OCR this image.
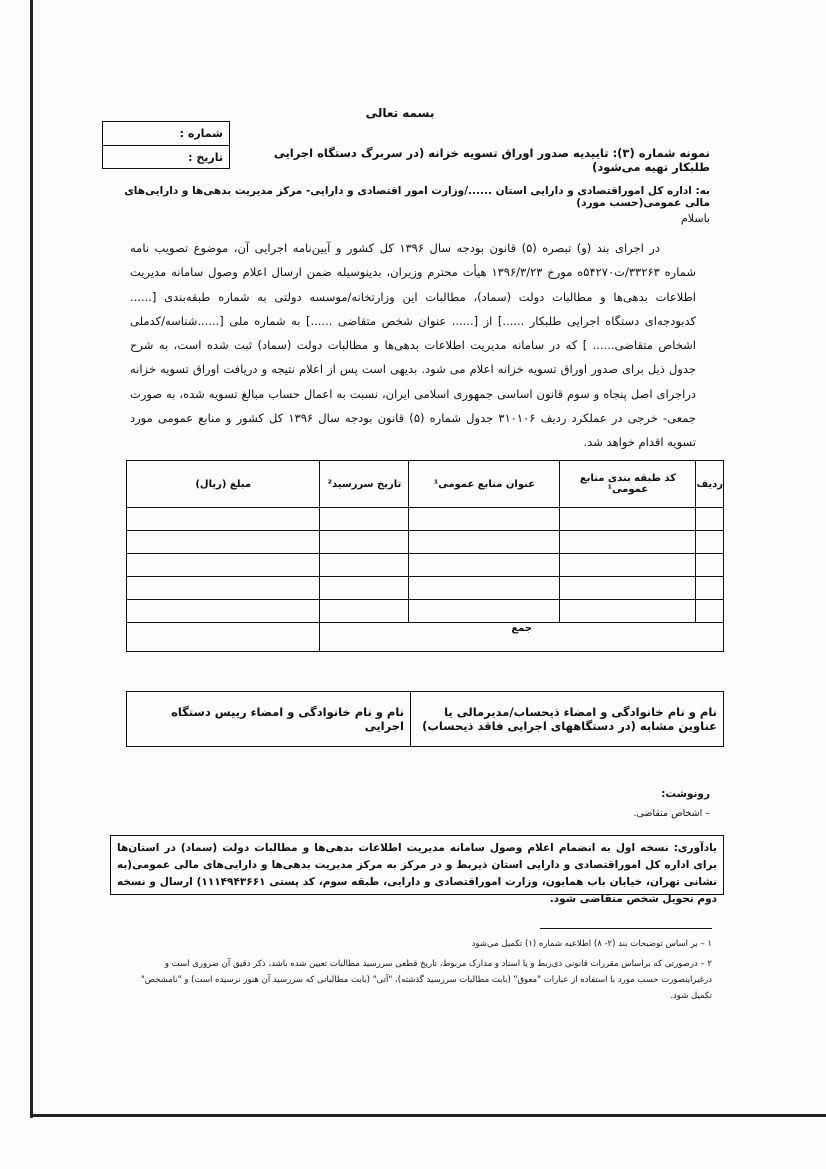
بسمه تعالی
شماره :
تاریخ :	نمونه شماره (۳): تاییدیه صدور اوراق تسویه خزانه (در سربرگ دستگاه اجرایی طلبکار تهیه می‌شود)
به: اداره کل اموراقتصادی و دارایی استان ....../وزارت امور اقتصادی و دارایی- مرکز مدیریت بدهی‌ها و دارایی‌های مالی عمومی(حسب مورد)
باسلام
در اجرای بند (و) تبصره (۵) قانون بودجه سال ۱۳۹۶ کل کشور و آیین‌نامه اجرایی آن، موضوع تصویب نامه شماره ۳۳۲۶۳/ت۵۴۲۷۰ه مورخ ۱۳۹۶/۳/۲۳ هیأت محترم وزیران، بدینوسیله ضمن ارسال اعلام وصول سامانه مدیریت اطلاعات بدهی‌ها و مطالبات دولت (سماد)، مطالبات این وزارتخانه/موسسه دولتی به شماره طبقه‌بندی [...... کدبودجه‌ای دستگاه اجرایی طلبکار ......] از [...... عنوان شخص متقاضی ......] به شماره ملی [......شناسه/کدملی اشخاص متقاضی...... ] که در سامانه مدیریت اطلاعات بدهی‌ها و مطالبات دولت (سماد) ثبت شده است، به شرح جدول ذیل برای صدور اوراق تسویه خزانه اعلام می شود. بدیهی است پس از اعلام نتیجه و دریافت اوراق تسویه خزانه دراجرای اصل پنجاه و سوم قانون اساسی جمهوری اسلامی ایران، نسبت به اعمال حساب مبالغ تسویه شده، به صورت جمعی- خرجی در عملکرد ردیف ۳۱۰۱۰۶ جدول شماره (۵) قانون بودجه سال ۱۳۹۶ کل کشور و منابع عمومی مورد تسویه اقدام خواهد شد.
ردیف	کد طبقه بندی منابع عمومی¹	عنوان منابع عمومی¹	تاریخ سررسید²	مبلغ (ریال)

جمع				
نام و نام خانوادگی و امضاء ذیحساب/مدیرمالی یا عناوین مشابه (در دستگاههای اجرایی فاقد ذیحساب)	نام و نام خانوادگی و امضاء رییس دستگاه اجرایی
رونوشت:
– اشخاص متقاضی.
یادآوری: نسخه اول به انضمام اعلام وصول سامانه مدیریت اطلاعات بدهی‌ها و مطالبات دولت (سماد) در استان‌ها برای اداره کل اموراقتصادی و دارایی استان ذیربط و در مرکز به مرکز مدیریت بدهی‌ها و دارایی‌های مالی عمومی(به نشانی تهران، خیابان باب همایون، وزارت اموراقتصادی و دارایی، طبقه سوم، کد پستی ۱۱۱۴۹۴۳۶۶۱) ارسال و نسخه دوم تحویل شخص متقاضی شود.
۱ – بر اساس توضیحات بند (۲- ۸) اطلاعیه شماره (۱) تکمیل می‌شود
۲ – درصورتی که براساس مقررات قانونی ذی‌ربط و یا اسناد و مدارک مربوط، تاریخ قطعی سررسید مطالبات تعیین شده باشد، ذکر دقیق آن ضروری است و درغیراینصورت حسب مورد با استفاده از عبارات "معوق" (بابت مطالبات سررسید گذشته)، "آتی" (بابت مطالباتی که سررسید آن هنوز نرسیده است) و "نامشخص" تکمیل شود.
